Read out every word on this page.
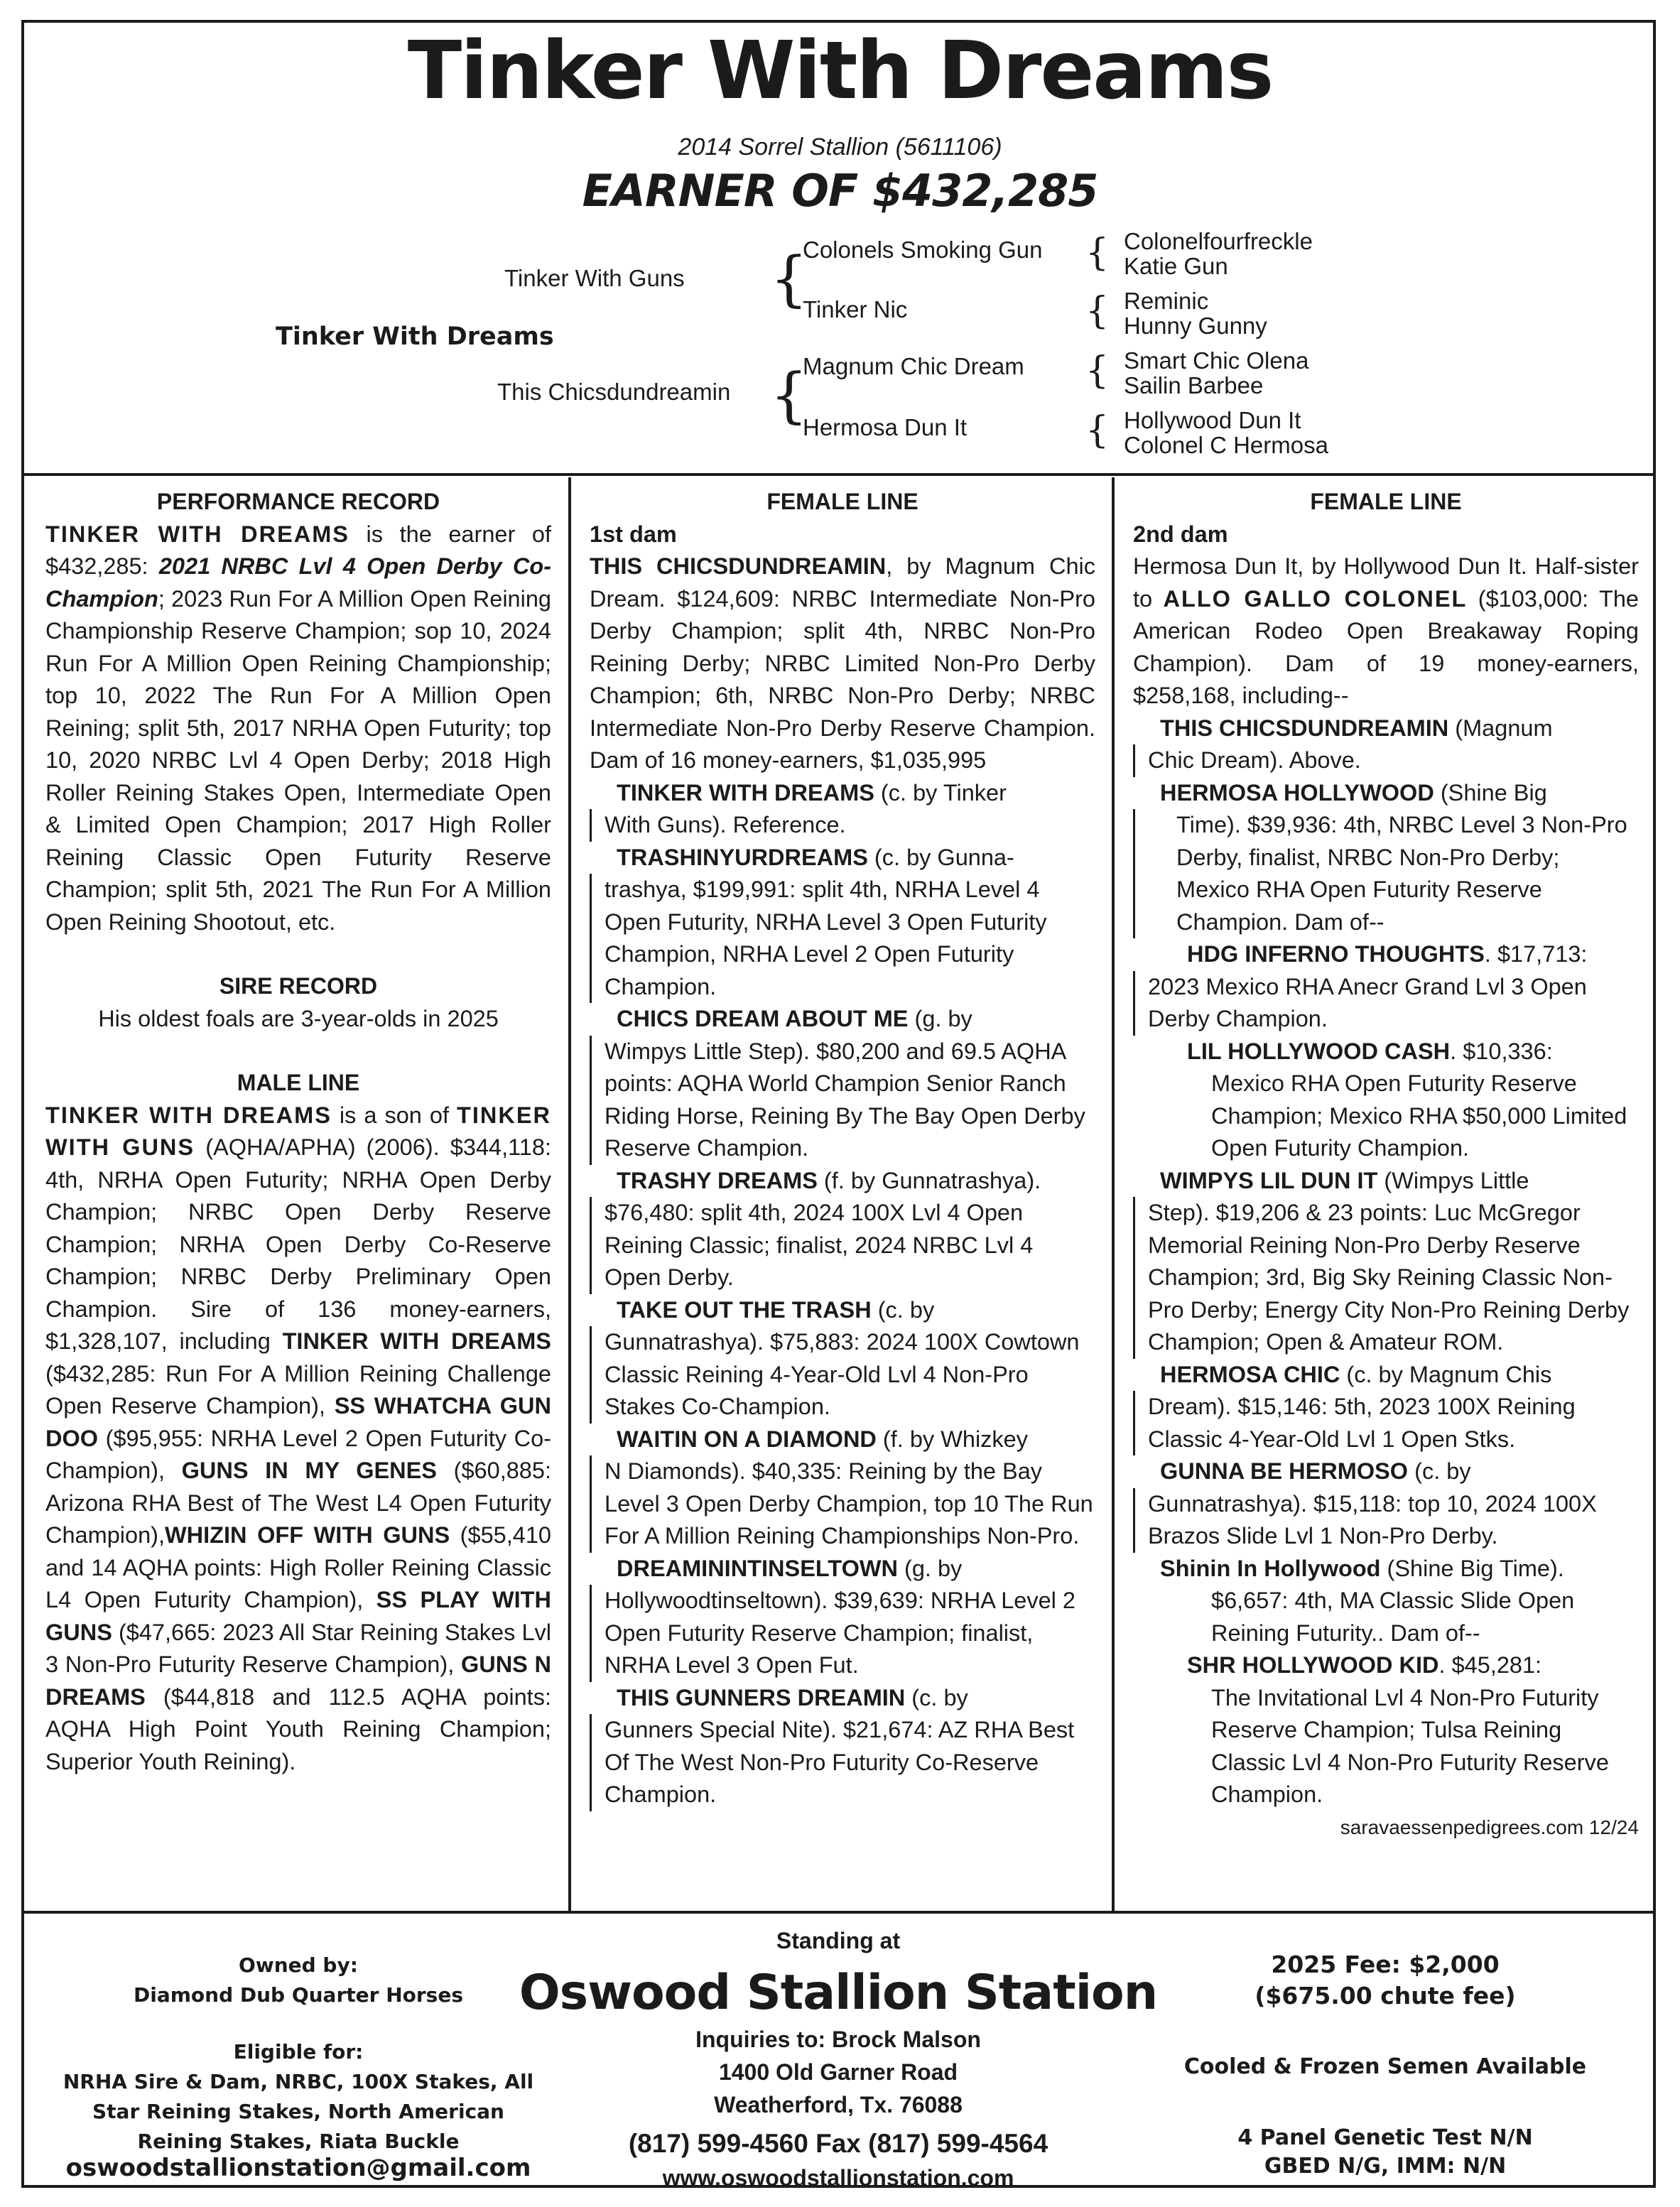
Tinker With Dreams
2014 Sorrel Stallion (5611106)
EARNER OF $432,285
Tinker With Dreams
Tinker With Guns
This Chicsdundreamin
{
{
Colonels Smoking Gun
Tinker Nic
Magnum Chic Dream
Hermosa Dun It
{
{
{
{
Colonelfourfreckle
Katie Gun
Reminic
Hunny Gunny
Smart Chic Olena
Sailin Barbee
Hollywood Dun It
Colonel C Hermosa

PERFORMANCE RECORD

TINKER WITH DREAMS is the earner of $432,285: 2021 NRBC Lvl 4 Open Derby Co-Champion; 2023 Run For A Million Open Reining Championship Reserve Champion; sop 10, 2024 Run For A Million Open Reining Championship; top 10, 2022 The Run For A Million Open Reining; split 5th, 2017 NRHA Open Futurity; top 10, 2020 NRBC Lvl 4 Open Derby; 2018 High Roller Reining Stakes Open, Intermediate Open & Limited Open Champion; 2017 High Roller Reining Classic Open Futurity Reserve Champion; split 5th, 2021 The Run For A Million Open Reining Shootout, etc.

SIRE RECORD

His oldest foals are 3-year-olds in 2025

MALE LINE

TINKER WITH DREAMS is a son of TINKER WITH GUNS (AQHA/APHA) (2006). $344,118: 4th, NRHA Open Futurity; NRHA Open Derby Champion; NRBC Open Derby Reserve Champion; NRHA Open Derby Co-Reserve Champion; NRBC Derby Preliminary Open Champion. Sire of 136 money-earners, $1,328,107, including TINKER WITH DREAMS ($432,285: Run For A Million Reining Challenge Open Reserve Champion), SS WHATCHA GUN DOO ($95,955: NRHA Level 2 Open Futurity Co-Champion), GUNS IN MY GENES ($60,885: Arizona RHA Best of The West L4 Open Futurity Champion),WHIZIN OFF WITH GUNS ($55,410 and 14 AQHA points: High Roller Reining Classic L4 Open Futurity Champion), SS PLAY WITH GUNS ($47,665: 2023 All Star Reining Stakes Lvl 3 Non-Pro Futurity Reserve Champion), GUNS N DREAMS ($44,818 and 112.5 AQHA points: AQHA High Point Youth Reining Champion; Superior Youth Reining).

FEMALE LINE

1st dam

THIS CHICSDUNDREAMIN, by Magnum Chic Dream. $124,609: NRBC Intermediate Non-Pro Derby Champion; split 4th, NRBC Non-Pro Reining Derby; NRBC Limited Non-Pro Derby Champion; 6th, NRBC Non-Pro Derby; NRBC Intermediate Non-Pro Derby Reserve Champion. Dam of 16 money-earners, $1,035,995

TINKER WITH DREAMS (c. by Tinker

With Guns). Reference.

TRASHINYURDREAMS (c. by Gunna-

trashya, $199,991: split 4th, NRHA Level 4 Open Futurity, NRHA Level 3 Open Futurity Champion, NRHA Level 2 Open Futurity Champion.

CHICS DREAM ABOUT ME (g. by

Wimpys Little Step). $80,200 and 69.5 AQHA points: AQHA World Champion Senior Ranch Riding Horse, Reining By The Bay Open Derby Reserve Champion.

TRASHY DREAMS (f. by Gunnatrashya).

$76,480: split 4th, 2024 100X Lvl 4 Open Reining Classic; finalist, 2024 NRBC Lvl 4 Open Derby.

TAKE OUT THE TRASH (c. by

Gunnatrashya). $75,883: 2024 100X Cowtown Classic Reining 4-Year-Old Lvl 4 Non-Pro Stakes Co-Champion.

WAITIN ON A DIAMOND (f. by Whizkey

N Diamonds). $40,335: Reining by the Bay Level 3 Open Derby Champion, top 10 The Run For A Million Reining Championships Non-Pro.

DREAMININTINSELTOWN (g. by

Hollywoodtinseltown). $39,639: NRHA Level 2 Open Futurity Reserve Champion; finalist, NRHA Level 3 Open Fut.

THIS GUNNERS DREAMIN (c. by

Gunners Special Nite). $21,674: AZ RHA Best Of The West Non-Pro Futurity Co-Reserve Champion.

FEMALE LINE

2nd dam

Hermosa Dun It, by Hollywood Dun It. Half-sister to ALLO GALLO COLONEL ($103,000: The American Rodeo Open Breakaway Roping Champion). Dam of 19 money-earners, $258,168, including--

THIS CHICSDUNDREAMIN (Magnum

Chic Dream). Above.

HERMOSA HOLLYWOOD (Shine Big

Time). $39,936: 4th, NRBC Level 3 Non-Pro Derby, finalist, NRBC Non-Pro Derby; Mexico RHA Open Futurity Reserve Champion. Dam of--

HDG INFERNO THOUGHTS. $17,713:

2023 Mexico RHA Anecr Grand Lvl 3 Open Derby Champion.

LIL HOLLYWOOD CASH. $10,336:

Mexico RHA Open Futurity Reserve Champion; Mexico RHA $50,000 Limited Open Futurity Champion.

WIMPYS LIL DUN IT (Wimpys Little

Step). $19,206 & 23 points: Luc McGregor Memorial Reining Non-Pro Derby Reserve Champion; 3rd, Big Sky Reining Classic Non-Pro Derby; Energy City Non-Pro Reining Derby Champion; Open & Amateur ROM.

HERMOSA CHIC (c. by Magnum Chis

Dream). $15,146: 5th, 2023 100X Reining Classic 4-Year-Old Lvl 1 Open Stks.

GUNNA BE HERMOSO (c. by

Gunnatrashya). $15,118: top 10, 2024 100X Brazos Slide Lvl 1 Non-Pro Derby.

Shinin In Hollywood (Shine Big Time).

$6,657: 4th, MA Classic Slide Open Reining Futurity.. Dam of--

SHR HOLLYWOOD KID. $45,281:

The Invitational Lvl 4 Non-Pro Futurity Reserve Champion; Tulsa Reining Classic Lvl 4 Non-Pro Futurity Reserve Champion.

saravaessenpedigrees.com 12/24

Owned by:
Diamond Dub Quarter Horses
Eligible for:
NRHA Sire & Dam, NRBC, 100X Stakes, All
Star Reining Stakes, North American
Reining Stakes, Riata Buckle
oswoodstallionstation@gmail.com
Standing at
Oswood Stallion Station
Inquiries to: Brock Malson
1400 Old Garner Road
Weatherford, Tx. 76088
(817) 599-4560 Fax (817) 599-4564
www.oswoodstallionstation.com
2025 Fee: $2,000
($675.00 chute fee)
Cooled & Frozen Semen Available
4 Panel Genetic Test N/N
GBED N/G, IMM: N/N
